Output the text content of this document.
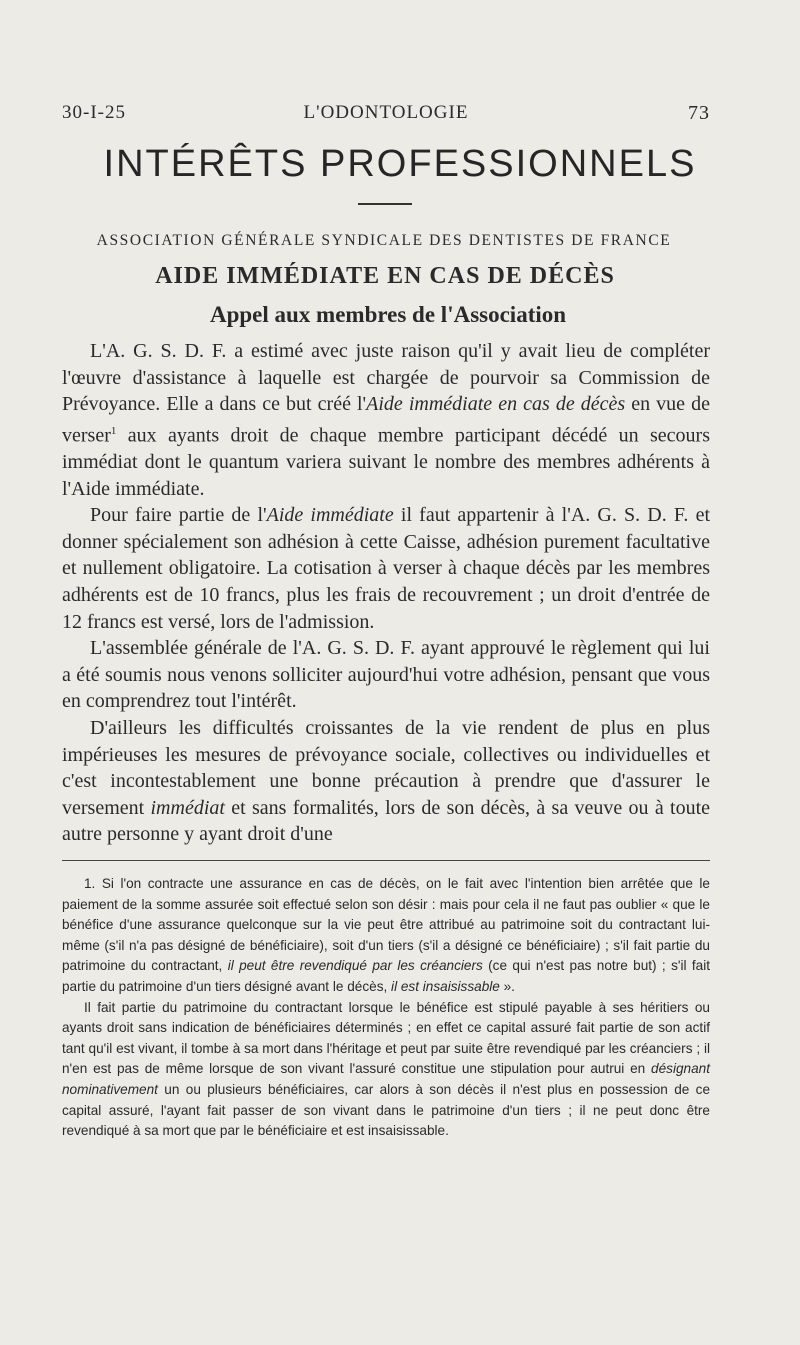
30-I-25	L'ODONTOLOGIE	73
INTÉRÊTS PROFESSIONNELS
ASSOCIATION GÉNÉRALE SYNDICALE DES DENTISTES DE FRANCE
AIDE IMMÉDIATE EN CAS DE DÉCÈS
Appel aux membres de l'Association

L'A. G. S. D. F. a estimé avec juste raison qu'il y avait lieu de compléter l'œuvre d'assistance à laquelle est chargée de pourvoir sa Commission de Prévoyance. Elle a dans ce but créé l'Aide immédiate en cas de décès en vue de verser$^1$ aux ayants droit de chaque membre participant décédé un secours immédiat dont le quantum variera suivant le nombre des membres adhérents à l'Aide immédiate.

Pour faire partie de l'Aide immédiate il faut appartenir à l'A. G. S. D. F. et donner spécialement son adhésion à cette Caisse, adhésion purement facultative et nullement obligatoire. La cotisation à verser à chaque décès par les membres adhérents est de 10 francs, plus les frais de recouvrement ; un droit d'entrée de 12 francs est versé, lors de l'admission.

L'assemblée générale de l'A. G. S. D. F. ayant approuvé le règlement qui lui a été soumis nous venons solliciter aujourd'hui votre adhésion, pensant que vous en comprendrez tout l'intérêt.

D'ailleurs les difficultés croissantes de la vie rendent de plus en plus impérieuses les mesures de prévoyance sociale, collectives ou individuelles et c'est incontestablement une bonne précaution à prendre que d'assurer le versement immédiat et sans formalités, lors de son décès, à sa veuve ou à toute autre personne y ayant droit d'une

1. Si l'on contracte une assurance en cas de décès, on le fait avec l'intention bien arrêtée que le paiement de la somme assurée soit effectué selon son désir : mais pour cela il ne faut pas oublier « que le bénéfice d'une assurance quelconque sur la vie peut être attribué au patrimoine soit du contractant lui-même (s'il n'a pas désigné de bénéficiaire), soit d'un tiers (s'il a désigné ce bénéficiaire) ; s'il fait partie du patrimoine du contractant, il peut être revendiqué par les créanciers (ce qui n'est pas notre but) ; s'il fait partie du patrimoine d'un tiers désigné avant le décès, il est insaisissable ».

Il fait partie du patrimoine du contractant lorsque le bénéfice est stipulé payable à ses héritiers ou ayants droit sans indication de bénéficiaires déterminés ; en effet ce capital assuré fait partie de son actif tant qu'il est vivant, il tombe à sa mort dans l'héritage et peut par suite être revendiqué par les créanciers ; il n'en est pas de même lorsque de son vivant l'assuré constitue une stipulation pour autrui en désignant nominativement un ou plusieurs bénéficiaires, car alors à son décès il n'est plus en possession de ce capital assuré, l'ayant fait passer de son vivant dans le patrimoine d'un tiers ; il ne peut donc être revendiqué à sa mort que par le bénéficiaire et est insaisissable.
